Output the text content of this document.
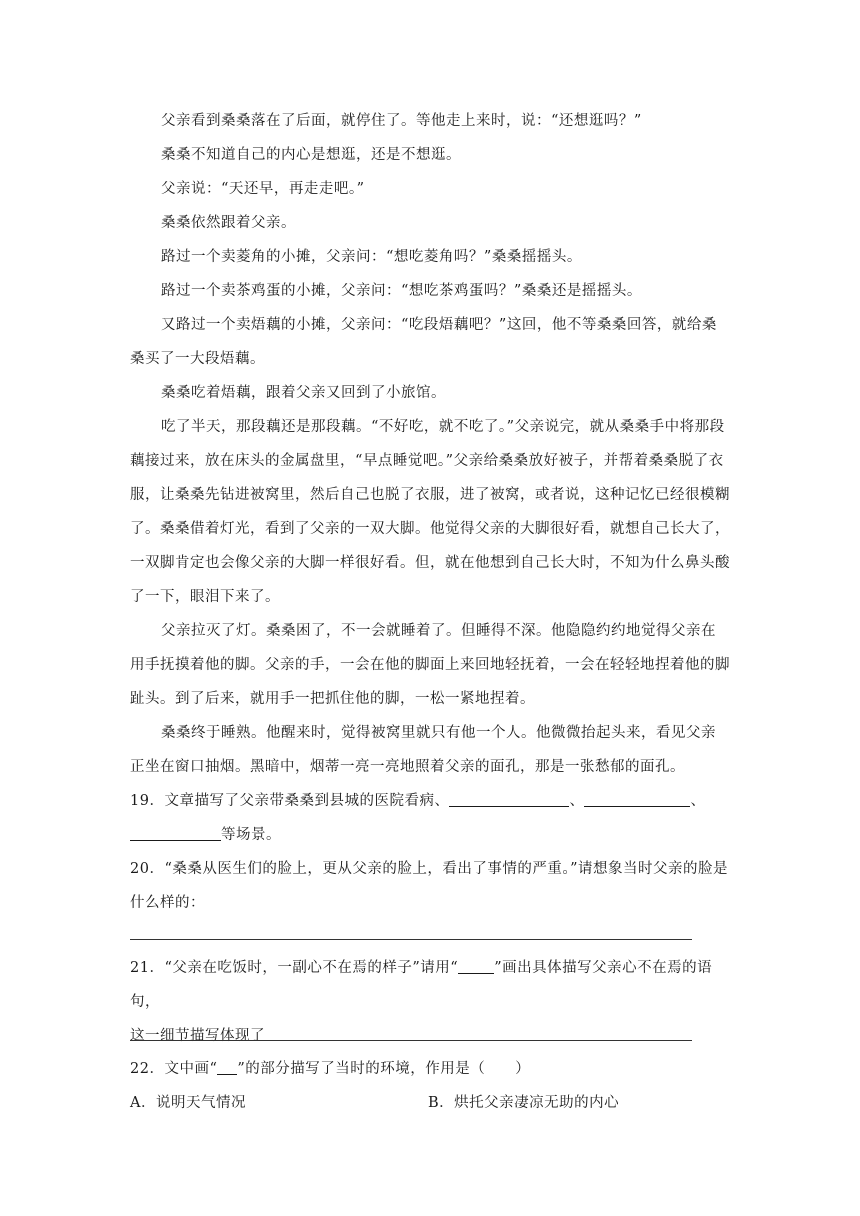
父亲看到桑桑落在了后面，就停住了。等他走上来时，说：“还想逛吗？”
桑桑不知道自己的内心是想逛，还是不想逛。
父亲说：“天还早，再走走吧。”
桑桑依然跟着父亲。
路过一个卖菱角的小摊，父亲问：“想吃菱角吗？”桑桑摇摇头。
路过一个卖茶鸡蛋的小摊，父亲问：“想吃茶鸡蛋吗？”桑桑还是摇摇头。
又路过一个卖焐藕的小摊，父亲问：“吃段焐藕吧？”这回，他不等桑桑回答，就给桑桑买了一大段焐藕。
桑桑吃着焐藕，跟着父亲又回到了小旅馆。
吃了半天，那段藕还是那段藕。“不好吃，就不吃了。”父亲说完，就从桑桑手中将那段藕接过来，放在床头的金属盘里，“早点睡觉吧。”父亲给桑桑放好被子，并帮着桑桑脱了衣服，让桑桑先钻进被窝里，然后自己也脱了衣服，进了被窝，或者说，这种记忆已经很模糊了。桑桑借着灯光，看到了父亲的一双大脚。他觉得父亲的大脚很好看，就想自己长大了，一双脚肯定也会像父亲的大脚一样很好看。但，就在他想到自己长大时，不知为什么鼻头酸了一下，眼泪下来了。
父亲拉灭了灯。桑桑困了，不一会就睡着了。但睡得不深。他隐隐约约地觉得父亲在用手抚摸着他的脚。父亲的手，一会在他的脚面上来回地轻抚着，一会在轻轻地捏着他的脚趾头。到了后来，就用手一把抓住他的脚，一松一紧地捏着。
桑桑终于睡熟。他醒来时，觉得被窝里就只有他一个人。他微微抬起头来，看见父亲正坐在窗口抽烟。黑暗中，烟蒂一亮一亮地照着父亲的面孔，那是一张愁郁的面孔。
19．文章描写了父亲带桑桑到县城的医院看病、	、	、
等场景。
20．“桑桑从医生们的脸上，更从父亲的脸上，看出了事情的严重。”请想象当时父亲的脸是
什么样的：
21．“父亲在吃饭时，一副心不在焉的样子”请用“ ”画出具体描写父亲心不在焉的语句，
这一细节描写体现了
22．文中画“ ”的部分描写了当时的环境，作用是（　　）
A．说明天气情况	B．烘托父亲凄凉无助的内心
